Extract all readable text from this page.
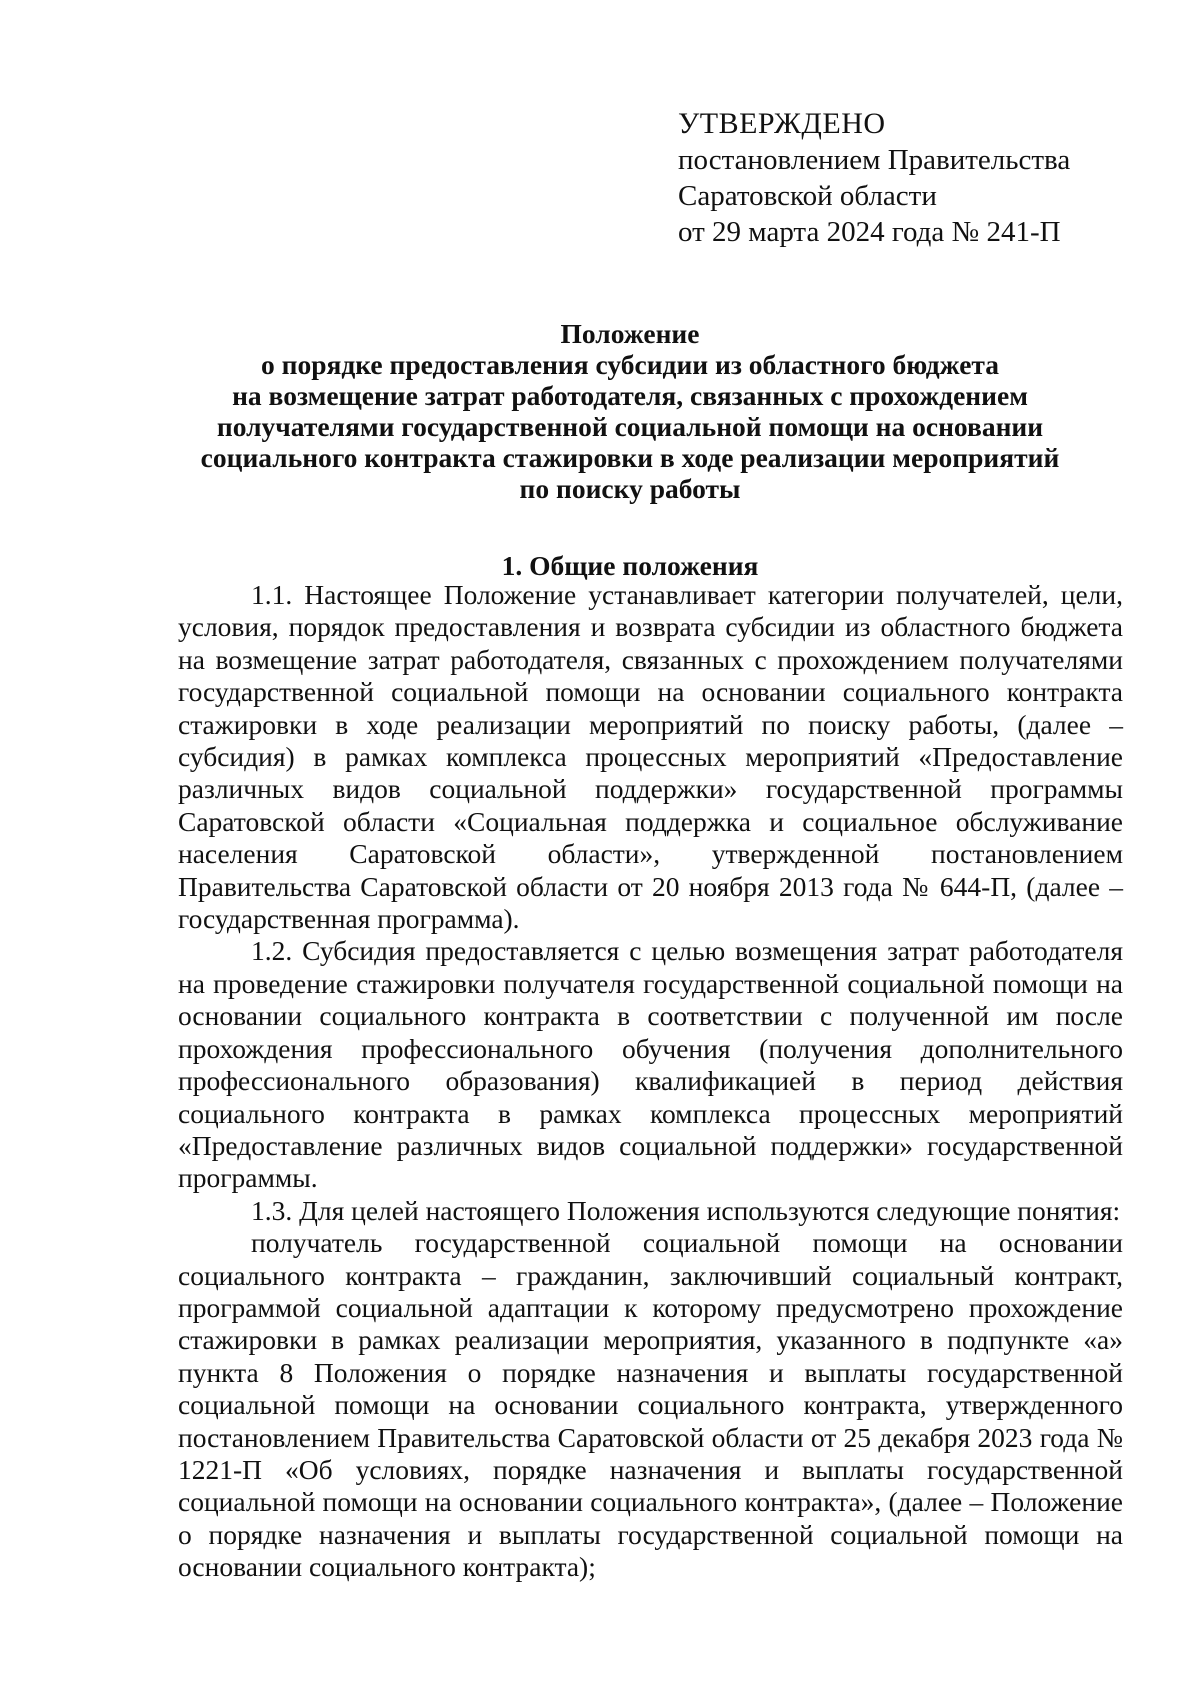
УТВЕРЖДЕНО
постановлением Правительства
Саратовской области
от 29 марта 2024 года № 241-П
Положение
о порядке предоставления субсидии из областного бюджета
на возмещение затрат работодателя, связанных с прохождением
получателями государственной социальной помощи на основании
социального контракта стажировки в ходе реализации мероприятий
по поиску работы
1. Общие положения

1.1. Настоящее Положение устанавливает категории получателей, цели, условия, порядок предоставления и возврата субсидии из областного бюджета на возмещение затрат работодателя, связанных с прохождением получателями государственной социальной помощи на основании социального контракта стажировки в ходе реализации мероприятий по поиску работы, (далее – субсидия) в рамках комплекса процессных мероприятий «Предоставление различных видов социальной поддержки» государственной программы Саратовской области «Социальная поддержка и социальное обслуживание населения Саратовской области», утвержденной постановлением Правительства Саратовской области от 20 ноября 2013 года № 644-П, (далее – государственная программа).

1.2. Субсидия предоставляется с целью возмещения затрат работодателя на проведение стажировки получателя государственной социальной помощи на основании социального контракта в соответствии с полученной им после прохождения профессионального обучения (получения дополнительного профессионального образования) квалификацией в период действия социального контракта в рамках комплекса процессных мероприятий «Предоставление различных видов социальной поддержки» государственной программы.

1.3. Для целей настоящего Положения используются следующие понятия:

получатель государственной социальной помощи на основании социального контракта – гражданин, заключивший социальный контракт, программой социальной адаптации к которому предусмотрено прохождение стажировки в рамках реализации мероприятия, указанного в подпункте «а» пункта 8 Положения о порядке назначения и выплаты государственной социальной помощи на основании социального контракта, утвержденного постановлением Правительства Саратовской области от 25 декабря 2023 года № 1221-П «Об условиях, порядке назначения и выплаты государственной социальной помощи на основании социального контракта», (далее – Положение о порядке назначения и выплаты государственной социальной помощи на основании социального контракта);
